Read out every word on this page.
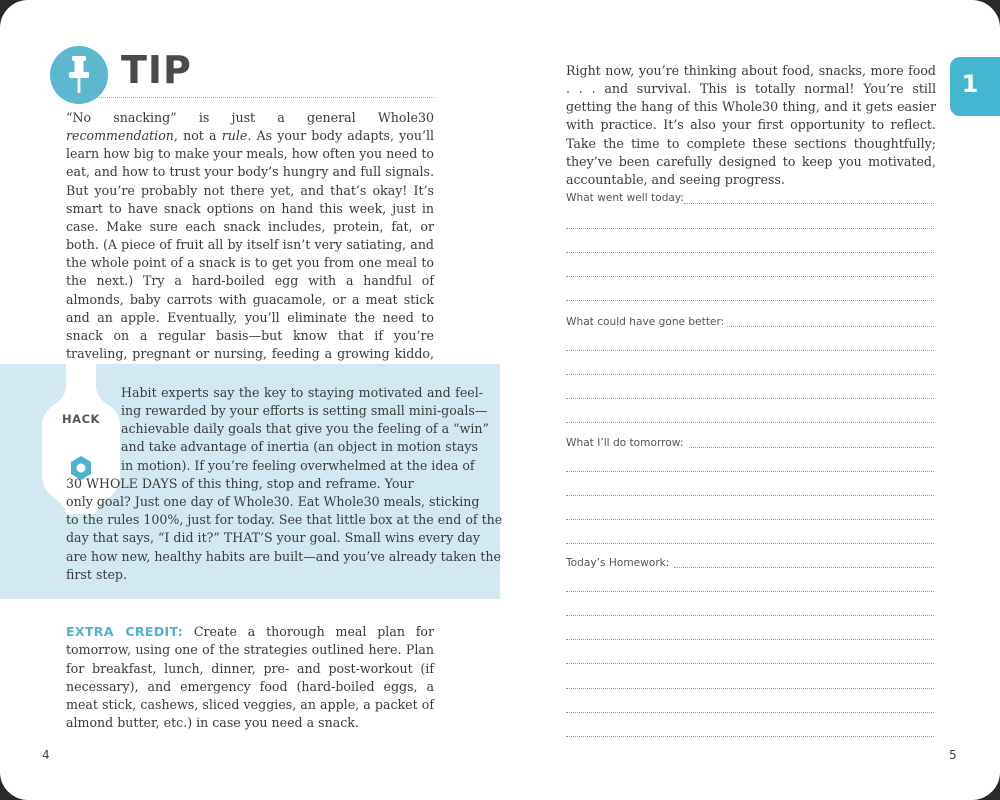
TIP

“No snacking” is just a general Whole30 recommendation, not a rule. As your body adapts, you’ll learn how big to make your meals, how often you need to eat, and how to trust your body’s hungry and full signals. But you’re probably not there yet, and that’s okay! It’s smart to have snack options on hand this week, just in case. Make sure each snack includes, protein, fat, or both. (A piece of fruit all by itself isn’t very satiating, and the whole point of a snack is to get you from one meal to the next.) Try a hard-boiled egg with a handful of almonds, baby carrots with guacamole, or a meat stick and an apple. Eventually, you’ll eliminate the need to snack on a regular basis—but know that if you’re traveling, pregnant or nursing, feeding a growing kiddo,

HACK
Habit experts say the key to staying motivated and feel-
ing rewarded by your efforts is setting small mini-goals—
achievable daily goals that give you the feeling of a “win”
and take advantage of inertia (an object in motion stays
in motion). If you’re feeling overwhelmed at the idea of
30 WHOLE DAYS of this thing, stop and reframe. Your
only goal? Just one day of Whole30. Eat Whole30 meals, sticking
to the rules 100%, just for today. See that little box at the end of the
day that says, “I did it?” THAT’S your goal. Small wins every day
are how new, healthy habits are built—and you’ve already taken the
first step.

EXTRA CREDIT: Create a thorough meal plan for tomorrow, using one of the strategies outlined here. Plan for breakfast, lunch, dinner, pre- and post-workout (if necessary), and emergency food (hard-boiled eggs, a meat stick, cashews, sliced veggies, an apple, a packet of almond butter, etc.) in case you need a snack.

4

Right now, you’re thinking about food, snacks, more food . . . and survival. This is totally normal! You’re still getting the hang of this Whole30 thing, and it gets easier with practice. It’s also your first opportunity to reflect. Take the time to complete these sections thoughtfully; they’ve been carefully designed to keep you motivated, accountable, and seeing progress.

1
What went well today:
What could have gone better:
What I’ll do tomorrow:
Today’s Homework:
5
